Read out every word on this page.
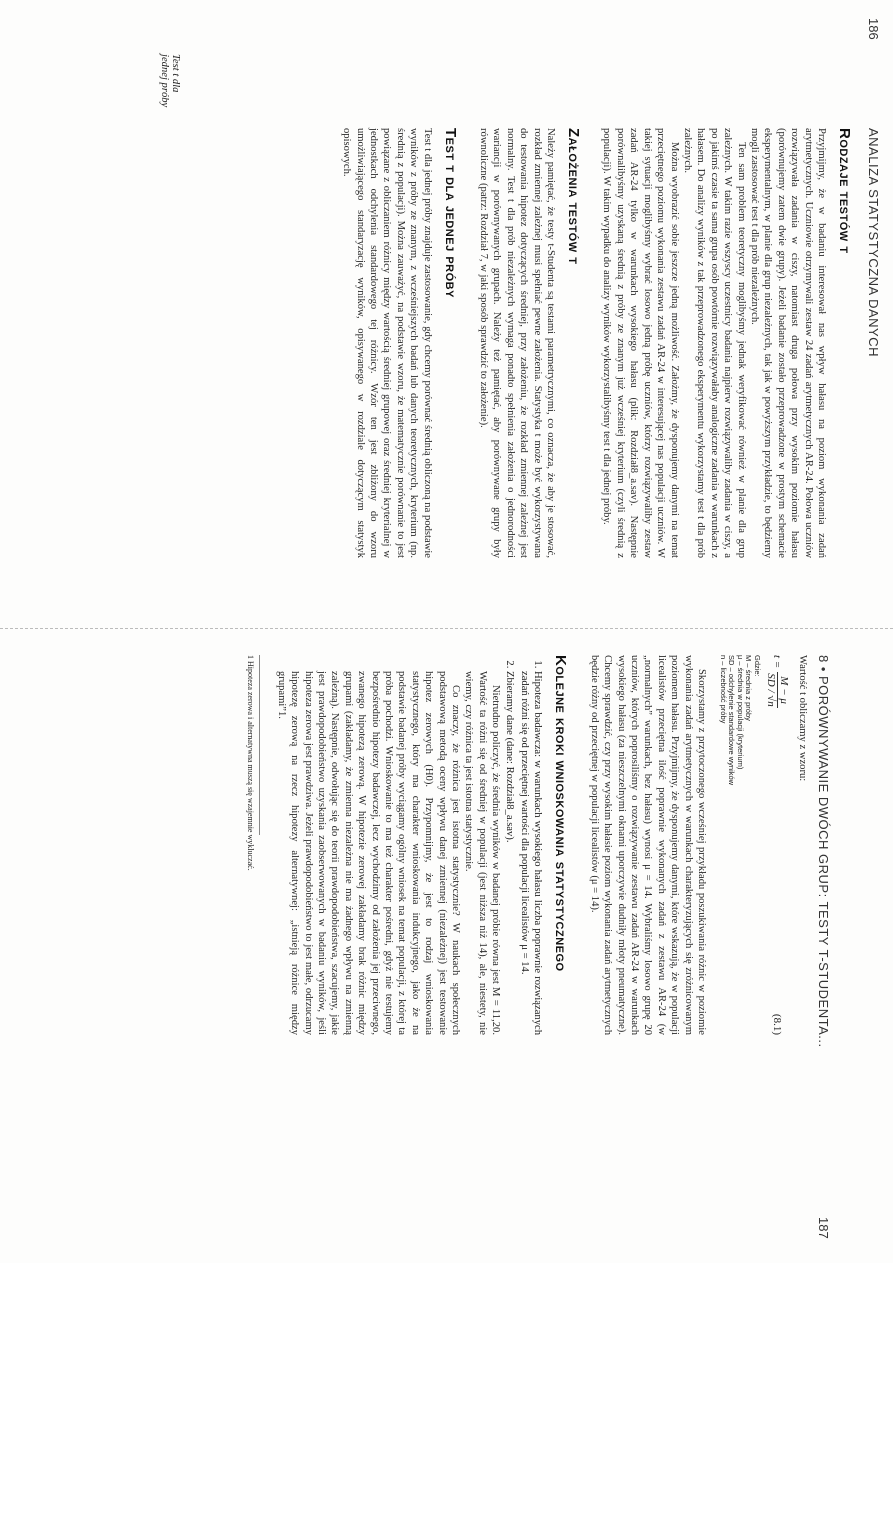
186
ANALIZA STATYSTYCZNA DANYCH
Rodzaje testów t

Przyjmijmy, że w badaniu interesował nas wpływ hałasu na poziom wykonania zadań arytmetycznych. Uczniowie otrzymywali zestaw 24 zadań arytmetycznych AR-24. Połowa uczniów rozwiązywała zadania w ciszy, natomiast druga połowa przy wysokim poziomie hałasu (porównujemy zatem dwie grupy). Jeżeli badanie zostało przeprowadzone w prostym schemacie eksperymentalnym, w planie dla grup niezależnych, tak jak w powyższym przykładzie, to będziemy mogli zastosować test t dla prób niezależnych.

Ten sam problem teoretyczny moglibyśmy jednak weryfikować również w planie dla grup zależnych. W takim razie wszyscy uczestnicy badania najpierw rozwiązywaliby zadania w ciszy, a po jakimś czasie ta sama grupa osób powtórnie rozwiązywałaby analogiczne zadania w warunkach z hałasem. Do analizy wyników z tak przeprowadzonego eksperymentu wykorzystamy test t dla prób zależnych.

Można wyobrazić sobie jeszcze jedną możliwość. Założmy, że dysponujemy danymi na temat przeciętnego poziomu wykonania zestawu zadań AR-24 w interesującej nas populacji uczniów. W takiej sytuacji moglibyśmy wybrać losowo jedną próbę uczniów, którzy rozwiązywaliby zestaw zadań AR-24 tylko w warunkach wysokiego hałasu (plik: Rozdział8_a.sav). Następnie porównalibyśmy uzyskaną średnią z próby ze znanym już wcześniej kryterium (czyli średnią z populacji). W takim wypadku do analizy wyników wykorzystalibyśmy test t dla jednej próby.

Założenia testów t

Należy pamiętać, że testy t-Studenta są testami parametrycznymi, co oznacza, że aby je stosować, rozkład zmiennej zależnej musi spełniać pewne założenia. Statystyka t może być wykorzystywana do testowania hipotez dotyczących średniej, przy założeniu, że rozkład zmiennej zależnej jest normalny. Test t dla prób niezależnych wymaga ponadto spełnienia założenia o jednorodności wariancji w porównywanych grupach. Należy też pamiętać, aby porównywane grupy były równoliczne (patrz: Rozdział 7, w jaki sposób sprawdzić to założenie).

Test t dla jednej próby

Test t dla jednej próby znajduje zastosowanie, gdy chcemy porównać średnią obliczoną na podstawie wyników z próby ze znanym, z wcześniejszych badań lub danych teoretycznych, kryterium (np. średnią z populacji). Można zauważyć, na podstawie wzoru, że matematycznie porównanie to jest powiązane z obliczaniem różnicy między wartością średniej grupowej oraz średniej kryterialnej w jednostkach odchylenia standardowego tej różnicy. Wzór ten jest zbliżony do wzoru umożliwiającego standaryzację wyników, opisywanego w rozdziale dotyczącym statystyk opisowych.

Test t dla jednej próby
8 • PORÓWNYWANIE DWÓCH GRUP: TESTY T-STUDENTA...
187

Wartość t obliczamy z wzoru:

t =
M − μ
SD / √n
(8.1)
Gdzie:
M – średnia z próby
μ – średnia w populacji (kryterium)
SD – odchylenie standardowe wyników
n – liczebność próby

Skorzystamy z przytoczonego wcześniej przykładu poszukiwania różnic w poziomie wykonania zadań arytmetycznych w warunkach charakteryzujących się zróżnicowanym poziomem hałasu. Przyjmijmy, że dysponujemy danymi, które wskazują, że w populacji licealistów przeciętna ilość poprawnie wykonanych zadań z zestawu AR-24 (w „normalnych” warunkach, bez hałasu) wynosi μ = 14. Wybraliśmy losowo grupę 20 uczniów, których poprosiliśmy o rozwiązywanie zestawu zadań AR-24 w warunkach wysokiego hałasu (za nieszczelnymi oknami uporczywie dudniły młoty pneumatyczne). Chcemy sprawdzić, czy przy wysokim hałasie poziom wykonania zadań arytmetycznych będzie różny od przeciętnej w populacji licealistów (μ = 14).

Kolejne kroki wnioskowania statystycznego
1. Hipoteza badawcza: w warunkach wysokiego hałasu liczba poprawnie rozwiązanych zadań różni się od przeciętnej wartości dla populacji licealistów μ = 14.
2. Zbieramy dane (dane: Rozdział8_a.sav).

Nietrudno policzyć, że średnia wyników w badanej próbie równa jest M = 11,20. Wartość ta różni się od średniej w populacji (jest niższa niż 14), ale, niestety, nie wiemy, czy różnica ta jest istotna statystycznie.

Co znaczy, że różnica jest istotna statystycznie? W naukach społecznych podstawową metodą oceny wpływu danej zmiennej (niezależnej) jest testowanie hipotez zerowych (H0). Przypomnijmy, że jest to rodzaj wnioskowania statystycznego, który ma charakter wnioskowania indukcyjnego, jako że na podstawie badanej próby wyciągamy ogólny wniosek na temat populacji, z której ta próba pochodzi. Wnioskowanie to ma też charakter pośredni, gdyż nie testujemy bezpośrednio hipotezy badawczej, lecz wychodzimy od założenia jej przeciwnego, zwanego hipotezą zerową. W hipotezie zerowej zakładamy brak różnic między grupami (zakładamy, że zmienna niezależna nie ma żadnego wpływu na zmienną zależną). Następnie, odwołując się do teorii prawdopodobieństwa, szacujemy, jakie jest prawdopodobieństwo uzyskania zaobserwowanych w badaniu wyników, jeśli hipoteza zerowa jest prawdziwa. Jeżeli prawdopodobieństwo to jest małe, odrzucamy hipotezę zerową na rzecz hipotezy alternatywnej: „istnieją różnice między grupami”1.

1 Hipoteza zerowa i alternatywna muszą się wzajemnie wykluczać.
